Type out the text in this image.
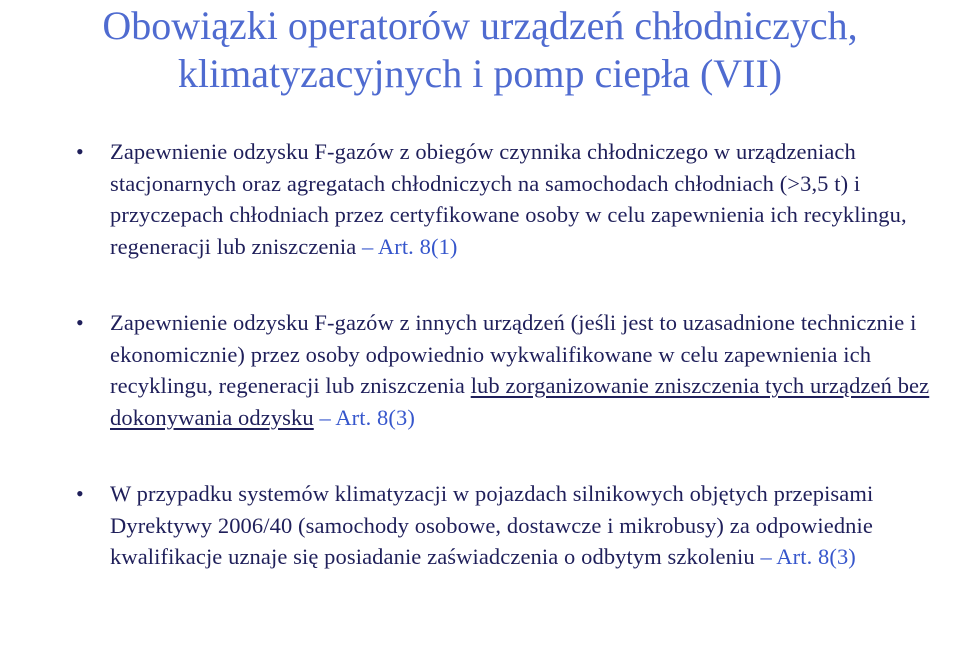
Obowiązki operatorów urządzeń chłodniczych,
klimatyzacyjnych i pomp ciepła (VII)
• Zapewnienie odzysku F-gazów z obiegów czynnika chłodniczego w urządzeniach stacjonarnych oraz agregatach chłodniczych na samochodach chłodniach (>3,5 t) i przyczepach chłodniach przez certyfikowane osoby w celu zapewnienia ich recyklingu, regeneracji lub zniszczenia – Art. 8(1)
• Zapewnienie odzysku F-gazów z innych urządzeń (jeśli jest to uzasadnione technicznie i ekonomicznie) przez osoby odpowiednio wykwalifikowane w celu zapewnienia ich recyklingu, regeneracji lub zniszczenia lub zorganizowanie zniszczenia tych urządzeń bez dokonywania odzysku – Art. 8(3)
• W przypadku systemów klimatyzacji w pojazdach silnikowych objętych przepisami Dyrektywy 2006/40 (samochody osobowe, dostawcze i mikrobusy) za odpowiednie kwalifikacje uznaje się posiadanie zaświadczenia o odbytym szkoleniu – Art. 8(3)
